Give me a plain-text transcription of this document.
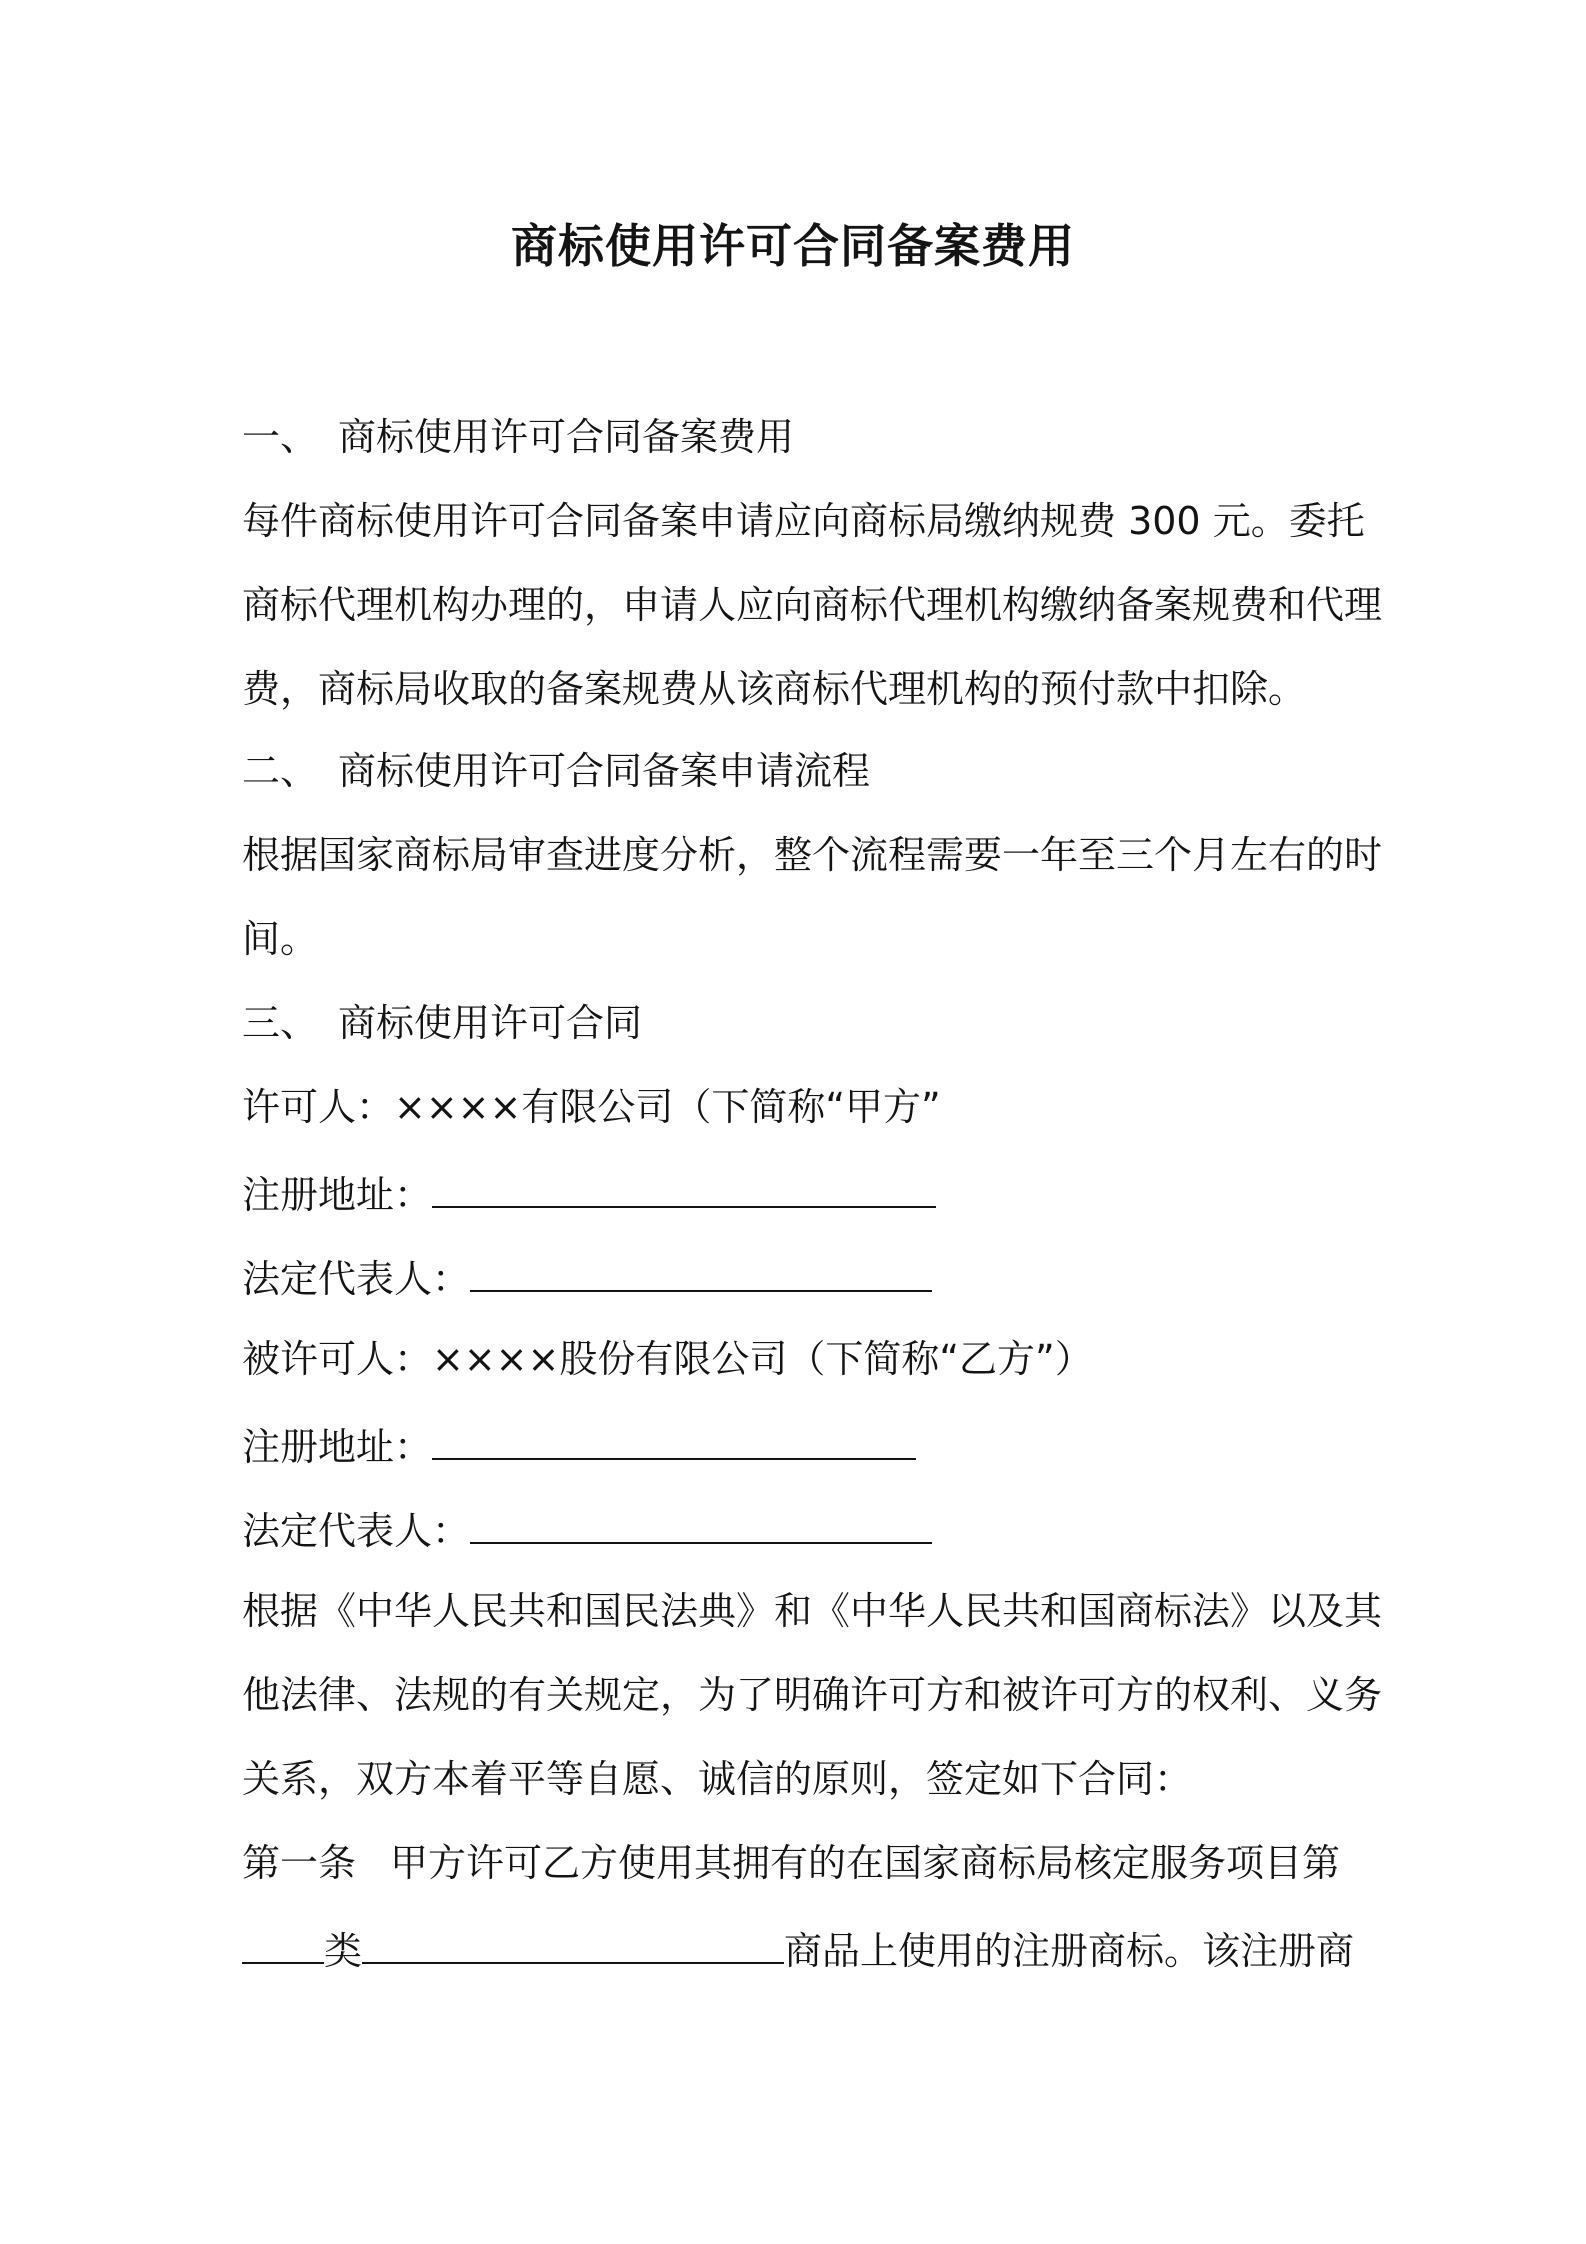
商标使用许可合同备案费用
一、 商标使用许可合同备案费用
每件商标使用许可合同备案申请应向商标局缴纳规费 300 元。委托
商标代理机构办理的，申请人应向商标代理机构缴纳备案规费和代理
费，商标局收取的备案规费从该商标代理机构的预付款中扣除。
二、 商标使用许可合同备案申请流程
根据国家商标局审查进度分析，整个流程需要一年至三个月左右的时
间。
三、 商标使用许可合同
许可人：××××有限公司（下简称“甲方”
注册地址：
法定代表人：
被许可人：××××股份有限公司（下简称“乙方”）
注册地址：
法定代表人：
根据《中华人民共和国民法典》和《中华人民共和国商标法》以及其
他法律、法规的有关规定，为了明确许可方和被许可方的权利、义务
关系，双方本着平等自愿、诚信的原则，签定如下合同：
第一条 甲方许可乙方使用其拥有的在国家商标局核定服务项目第
类	商品上使用的注册商标。该注册商
